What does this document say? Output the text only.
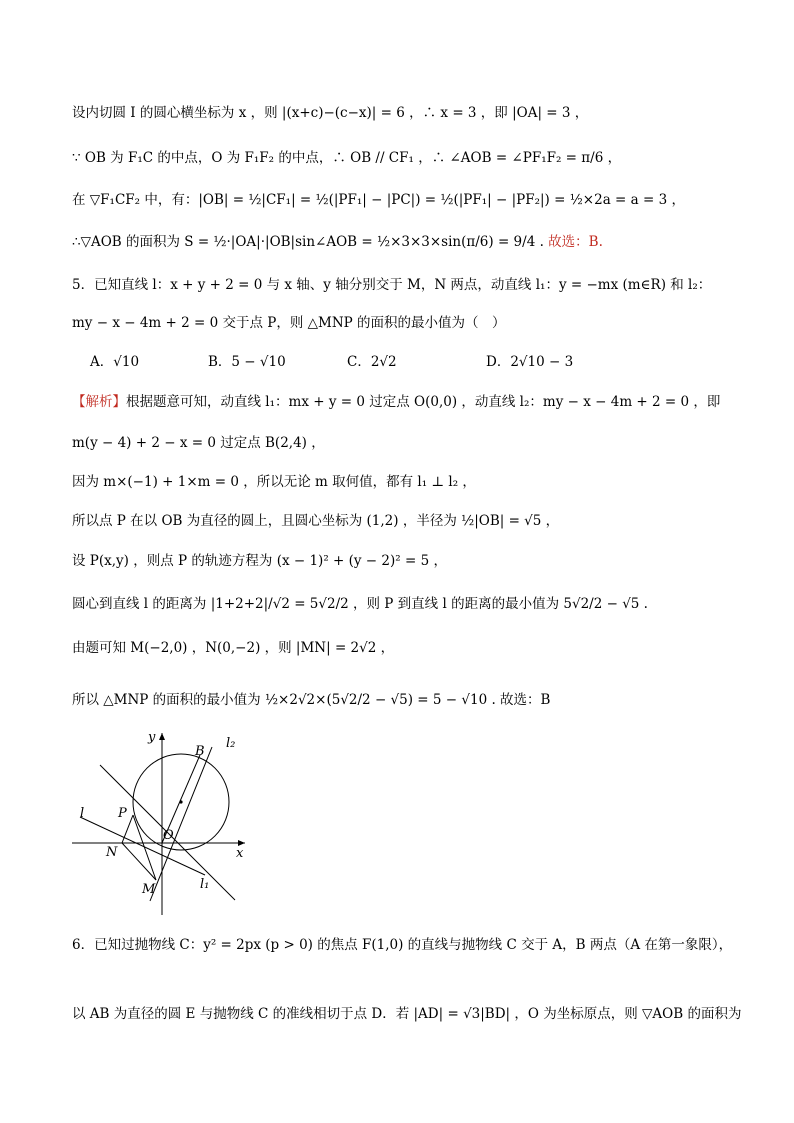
设内切圆 I 的圆心横坐标为 x ，则 |(x+c)−(c−x)| = 6 ，∴ x = 3 ，即 |OA| = 3 ，
∵ OB 为 F₁C 的中点，O 为 F₁F₂ 的中点，∴ OB // CF₁ ，∴ ∠AOB = ∠PF₁F₂ = π/6 ，
在 ▽F₁CF₂ 中，有：|OB| = ½|CF₁| = ½(|PF₁| − |PC|) = ½(|PF₁| − |PF₂|) = ½×2a = a = 3 ，
∴▽AOB 的面积为 S = ½·|OA|·|OB|sin∠AOB = ½×3×3×sin(π/6) = 9/4 . 故选：B.
5．已知直线 l：x + y + 2 = 0 与 x 轴、y 轴分别交于 M，N 两点，动直线 l₁：y = −mx (m∈R) 和 l₂：
my − x − 4m + 2 = 0 交于点 P，则 △MNP 的面积的最小值为（　）
A．√10	B．5 − √10	C．2√2	D．2√10 − 3
【解析】根据题意可知，动直线 l₁：mx + y = 0 过定点 O(0,0) ，动直线 l₂：my − x − 4m + 2 = 0 ，即
m(y − 4) + 2 − x = 0 过定点 B(2,4) ，
因为 m×(−1) + 1×m = 0 ，所以无论 m 取何值，都有 l₁ ⊥ l₂ ，
所以点 P 在以 OB 为直径的圆上，且圆心坐标为 (1,2) ，半径为 ½|OB| = √5 ，
设 P(x,y) ，则点 P 的轨迹方程为 (x − 1)² + (y − 2)² = 5 ，
圆心到直线 l 的距离为 |1+2+2|/√2 = 5√2/2 ，则 P 到直线 l 的距离的最小值为 5√2/2 − √5 .
由题可知 M(−2,0) ，N(0,−2) ，则 |MN| = 2√2 ，
所以 △MNP 的面积的最小值为 ½×2√2×(5√2/2 − √5) = 5 − √10 . 故选：B
y
x
B
l₂
l	P
O
N
M	l₁
6．已知过抛物线 C：y² = 2px (p > 0) 的焦点 F(1,0) 的直线与抛物线 C 交于 A，B 两点（A 在第一象限），
以 AB 为直径的圆 E 与抛物线 C 的准线相切于点 D．若 |AD| = √3|BD| ，O 为坐标原点，则 ▽AOB 的面积为
